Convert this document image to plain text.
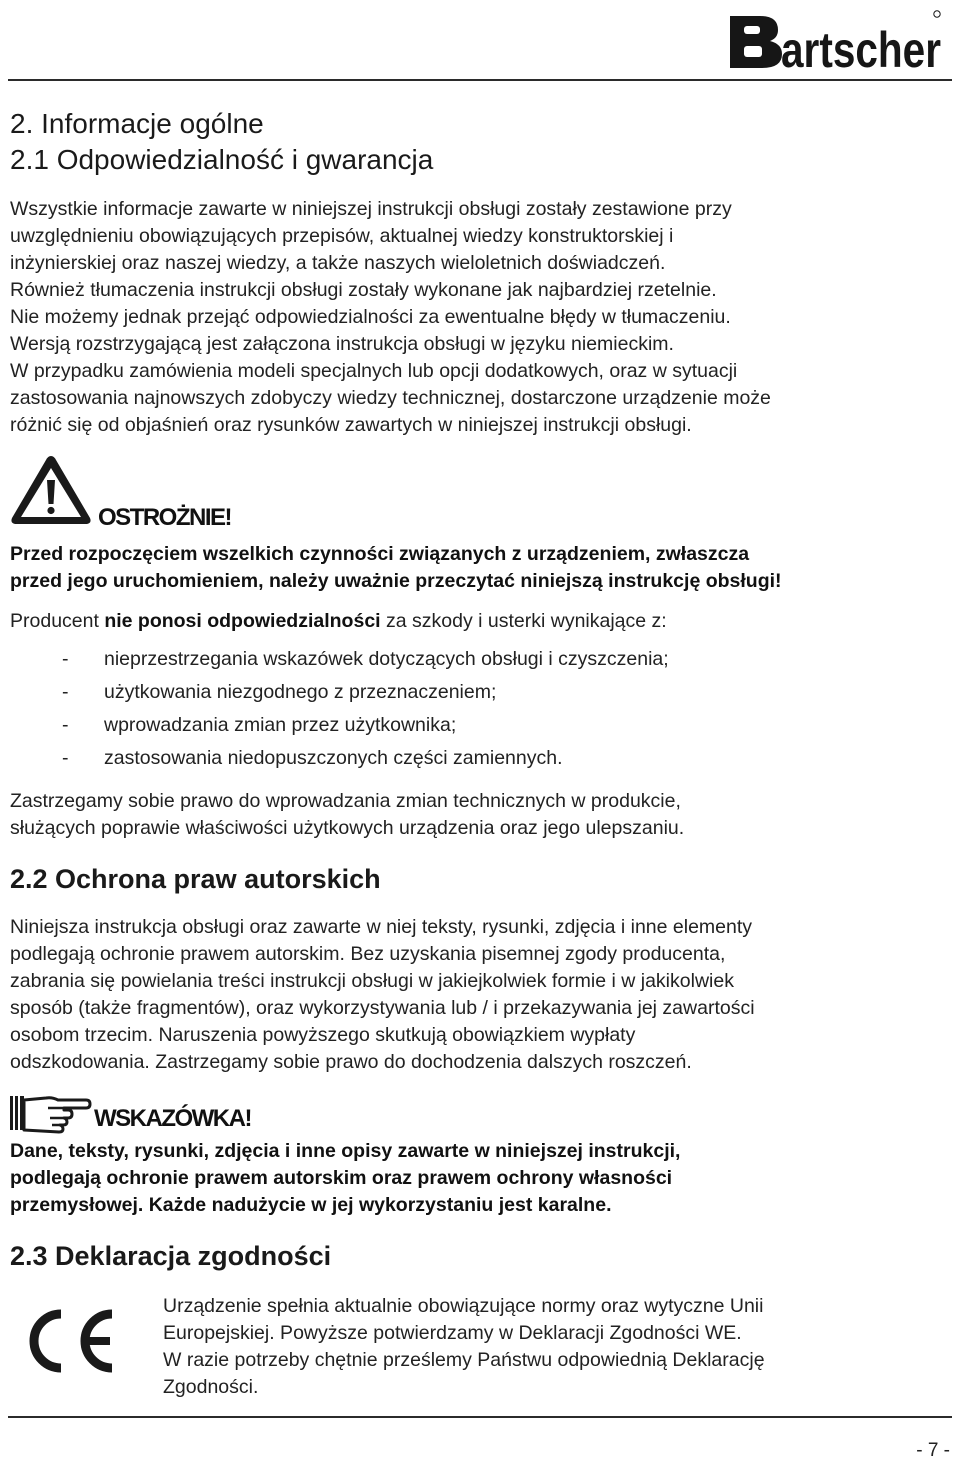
artscher
2. Informacje ogólne
2.1 Odpowiedzialność i gwarancja
Wszystkie informacje zawarte w niniejszej instrukcji obsługi zostały zestawione przy
uwzględnieniu obowiązujących przepisów, aktualnej wiedzy konstruktorskiej i
inżynierskiej oraz naszej wiedzy, a także naszych wieloletnich doświadczeń.
Również tłumaczenia instrukcji obsługi zostały wykonane jak najbardziej rzetelnie.
Nie możemy jednak przejąć odpowiedzialności za ewentualne błędy w tłumaczeniu.
Wersją rozstrzygającą jest załączona instrukcja obsługi w języku niemieckim.
W przypadku zamówienia modeli specjalnych lub opcji dodatkowych, oraz w sytuacji
zastosowania najnowszych zdobyczy wiedzy technicznej, dostarczone urządzenie może
różnić się od objaśnień oraz rysunków zawartych w niniejszej instrukcji obsługi.
OSTROŻNIE!
Przed rozpoczęciem wszelkich czynności związanych z urządzeniem, zwłaszcza
przed jego uruchomieniem, należy uważnie przeczytać niniejszą instrukcję obsługi!
Producent nie ponosi odpowiedzialności za szkody i usterki wynikające z:
- nieprzestrzegania wskazówek dotyczących obsługi i czyszczenia;
- użytkowania niezgodnego z przeznaczeniem;
- wprowadzania zmian przez użytkownika;
- zastosowania niedopuszczonych części zamiennych.
Zastrzegamy sobie prawo do wprowadzania zmian technicznych w produkcie,
służących poprawie właściwości użytkowych urządzenia oraz jego ulepszaniu.
2.2 Ochrona praw autorskich
Niniejsza instrukcja obsługi oraz zawarte w niej teksty, rysunki, zdjęcia i inne elementy
podlegają ochronie prawem autorskim. Bez uzyskania pisemnej zgody producenta,
zabrania się powielania treści instrukcji obsługi w jakiejkolwiek formie i w jakikolwiek
sposób (także fragmentów), oraz wykorzystywania lub / i przekazywania jej zawartości
osobom trzecim. Naruszenia powyższego skutkują obowiązkiem wypłaty
odszkodowania. Zastrzegamy sobie prawo do dochodzenia dalszych roszczeń.
WSKAZÓWKA!
Dane, teksty, rysunki, zdjęcia i inne opisy zawarte w niniejszej instrukcji,
podlegają ochronie prawem autorskim oraz prawem ochrony własności
przemysłowej. Każde nadużycie w jej wykorzystaniu jest karalne.
2.3 Deklaracja zgodności
Urządzenie spełnia aktualnie obowiązujące normy oraz wytyczne Unii
Europejskiej. Powyższe potwierdzamy w Deklaracji Zgodności WE.
W razie potrzeby chętnie prześlemy Państwu odpowiednią Deklarację
Zgodności.
- 7 -
